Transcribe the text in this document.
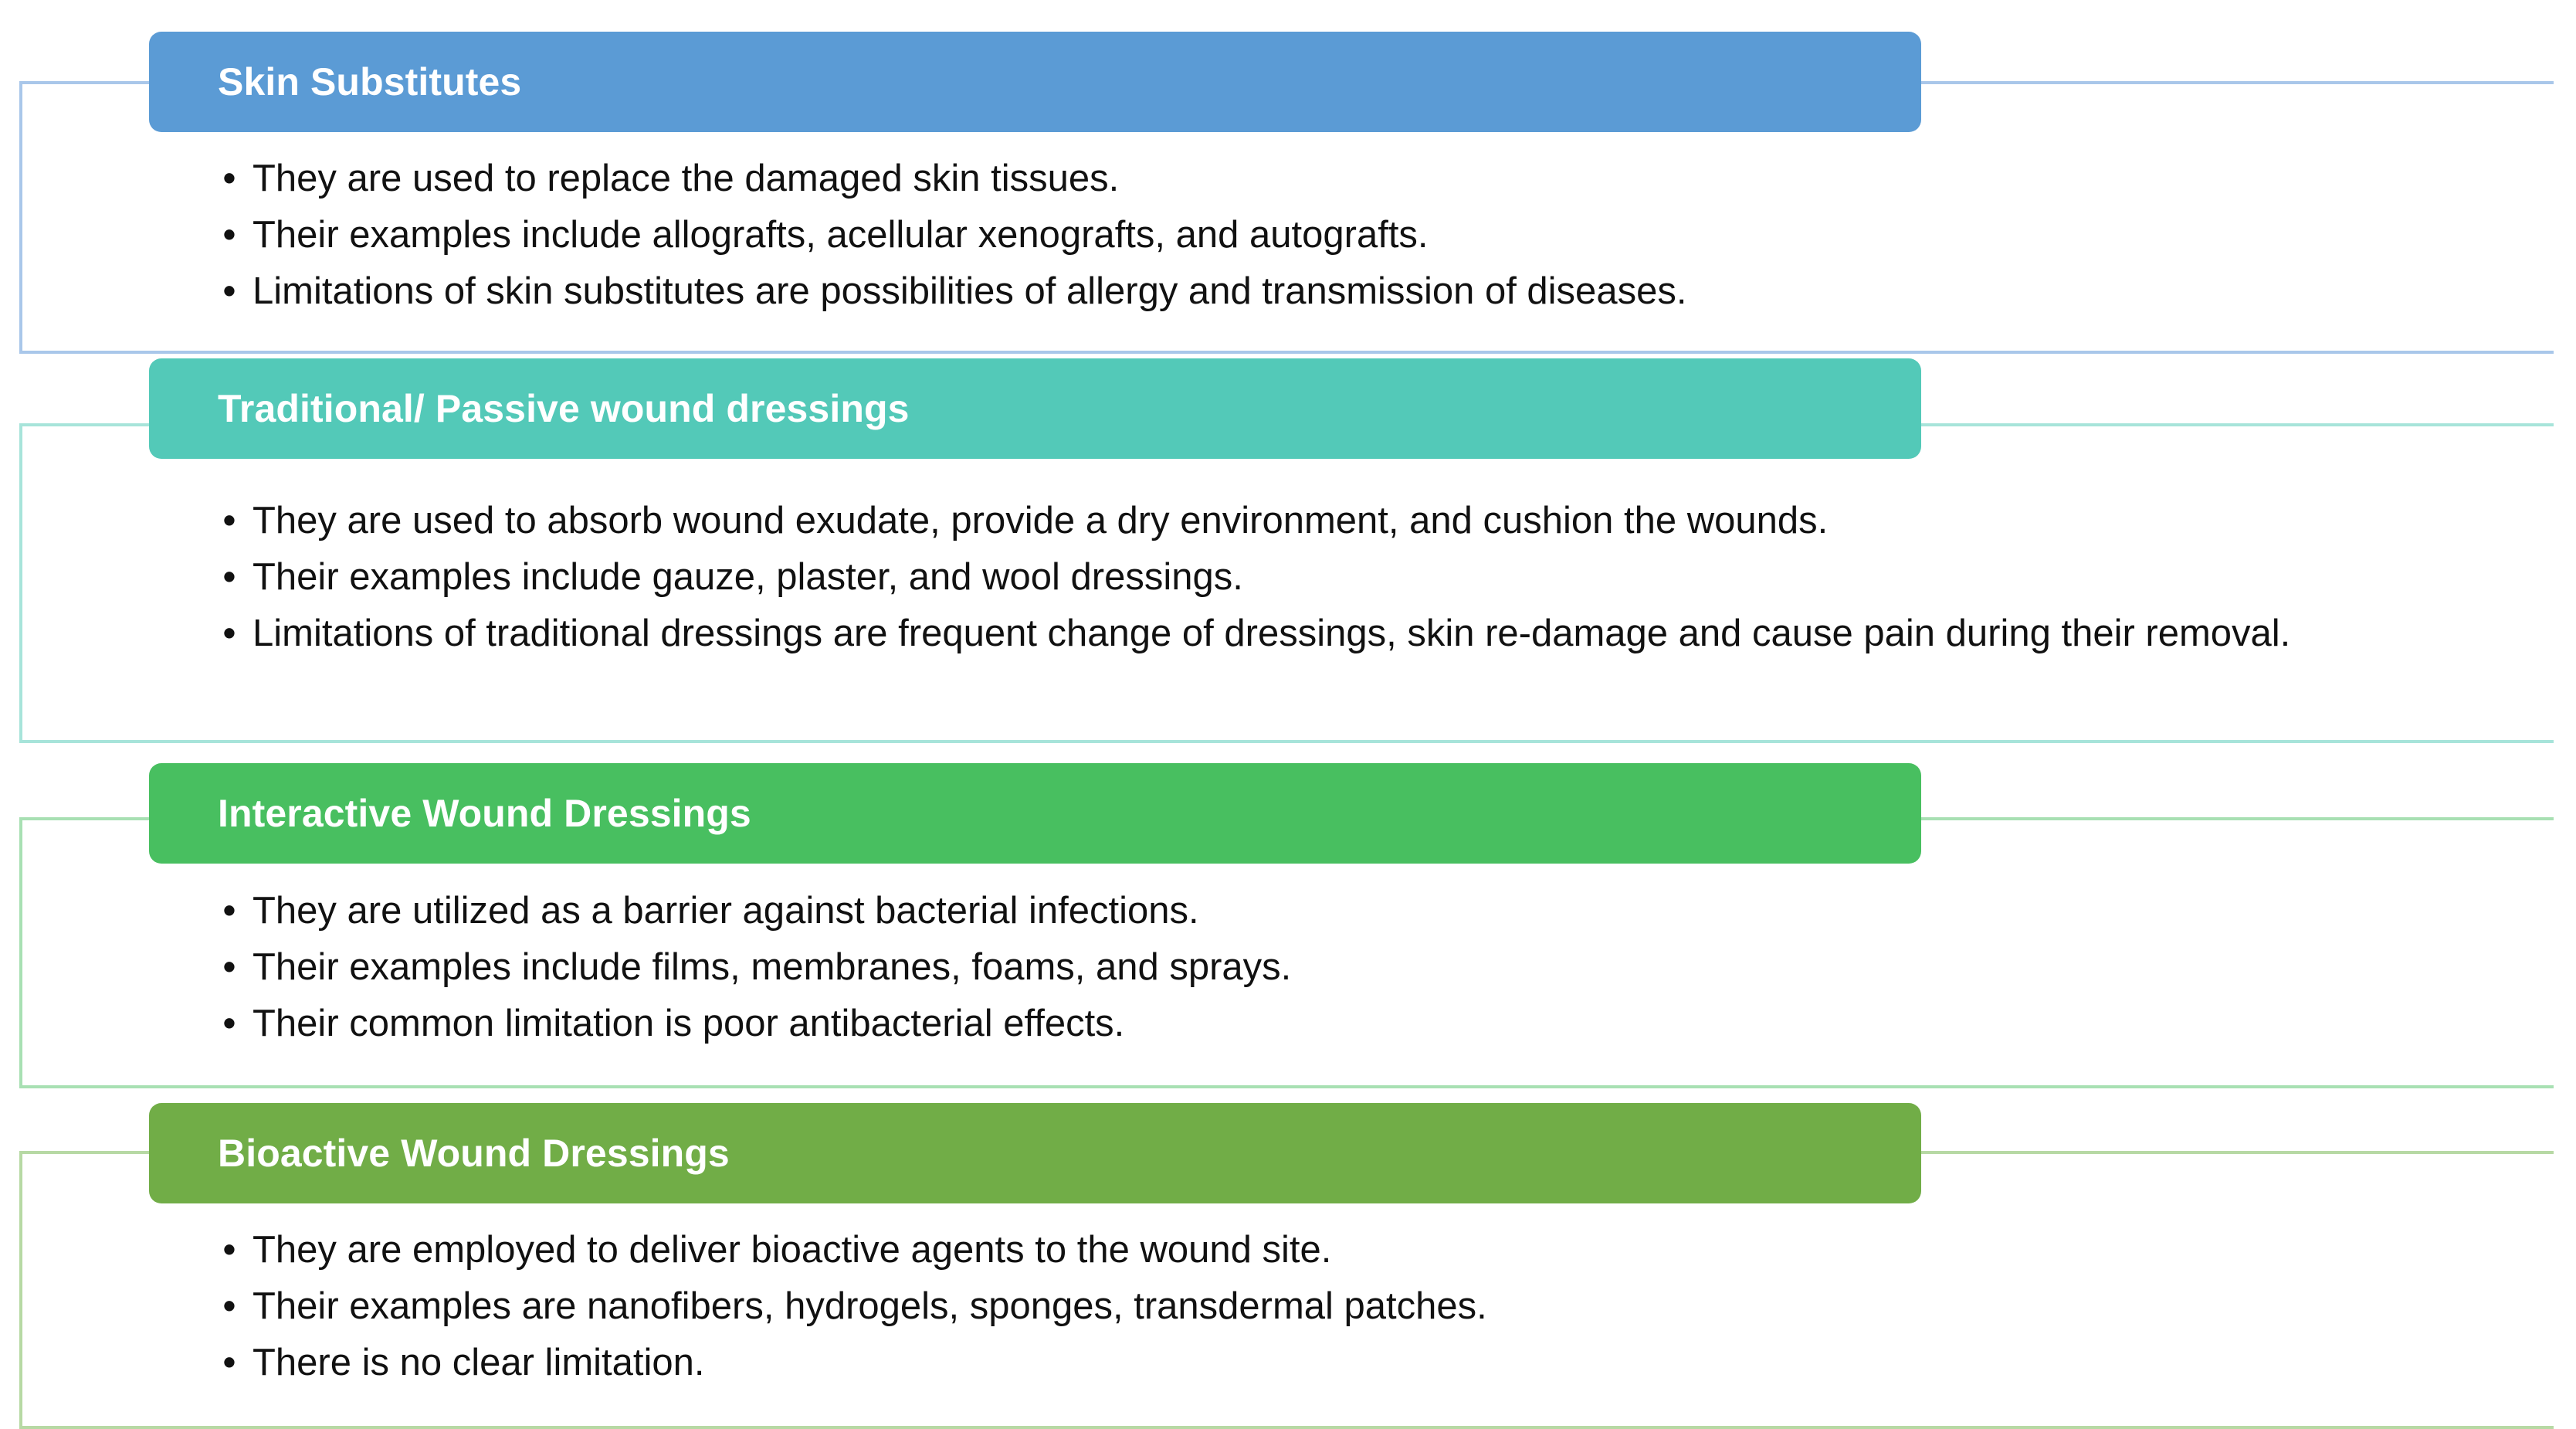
Skin Substitutes
• They are used to replace the damaged skin tissues.
• Their examples include allografts, acellular xenografts, and autografts.
• Limitations of skin substitutes are possibilities of allergy and transmission of diseases.
Traditional/ Passive wound dressings
• They are used to absorb wound exudate, provide a dry environment, and cushion the wounds.
• Their examples include gauze, plaster, and wool dressings.
• Limitations of traditional dressings are frequent change of dressings, skin re-damage and cause pain during their removal.
Interactive Wound Dressings
• They are utilized as a barrier against bacterial infections.
• Their examples include films, membranes, foams, and sprays.
• Their common limitation is poor antibacterial effects.
Bioactive Wound Dressings
• They are employed to deliver bioactive agents to the wound site.
• Their examples are nanofibers, hydrogels, sponges, transdermal patches.
• There is no clear limitation.
